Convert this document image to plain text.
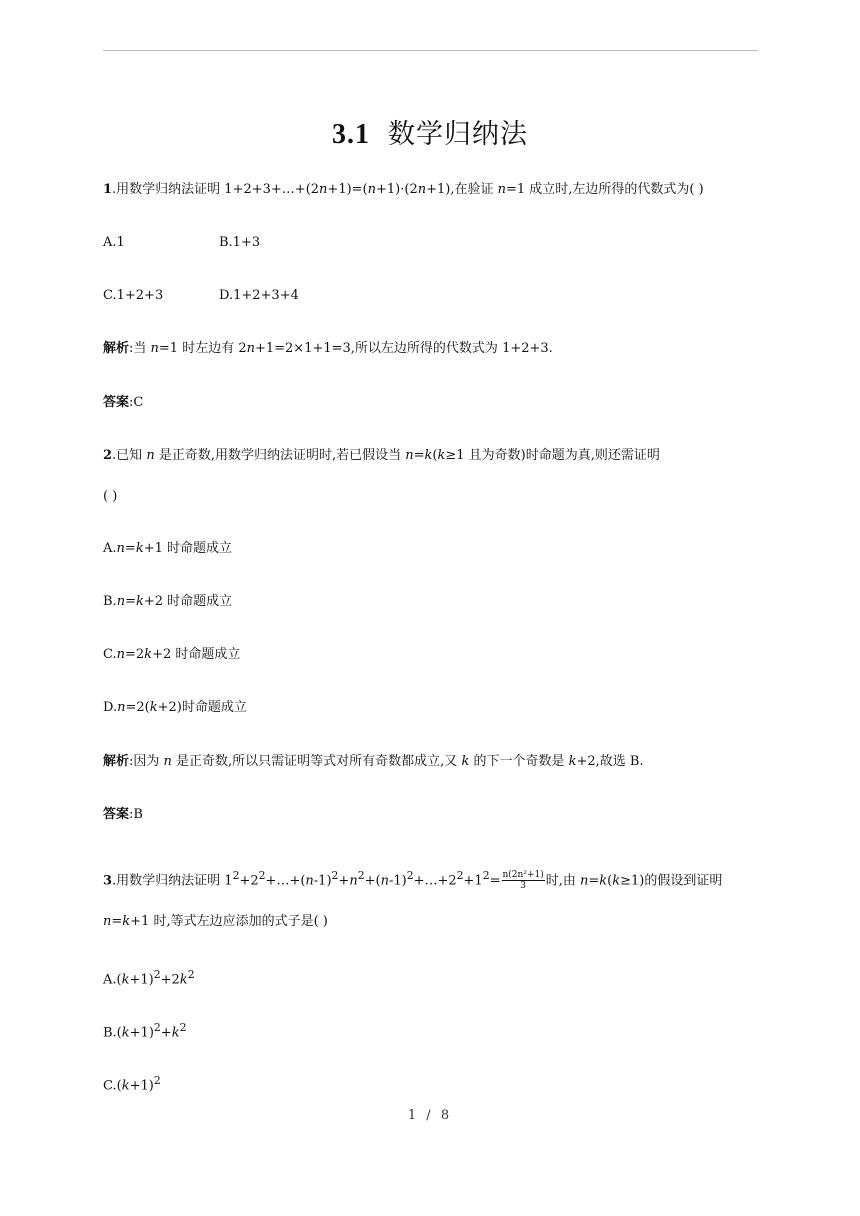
3.1 数学归纳法
1.用数学归纳法证明 1+2+3+…+(2n+1)=(n+1)·(2n+1),在验证 n=1 成立时,左边所得的代数式为( )
A.1	B.1+3
C.1+2+3	D.1+2+3+4
解析:当 n=1 时左边有 2n+1=2×1+1=3,所以左边所得的代数式为 1+2+3.
答案:C
2.已知 n 是正奇数,用数学归纳法证明时,若已假设当 n=k(k≥1 且为奇数)时命题为真,则还需证明
( )
A.n=k+1 时命题成立
B.n=k+2 时命题成立
C.n=2k+2 时命题成立
D.n=2(k+2)时命题成立
解析:因为 n 是正奇数,所以只需证明等式对所有奇数都成立,又 k 的下一个奇数是 k+2,故选 B.
答案:B
3.用数学归纳法证明 $1^2+2^2+\dots+(n-1)^2+n^2+(n-1)^2+\dots+2^2+1^2= \frac{\text{n(2n²+1)}}{3}$ 时,由 n=k(k≥1)的假设到证明
n=k+1 时,等式左边应添加的式子是( )
$A.(k+1)^2+2k^2$
$B.(k+1)^2+k^2$
$C.(k+1)^2$
1 / 8
